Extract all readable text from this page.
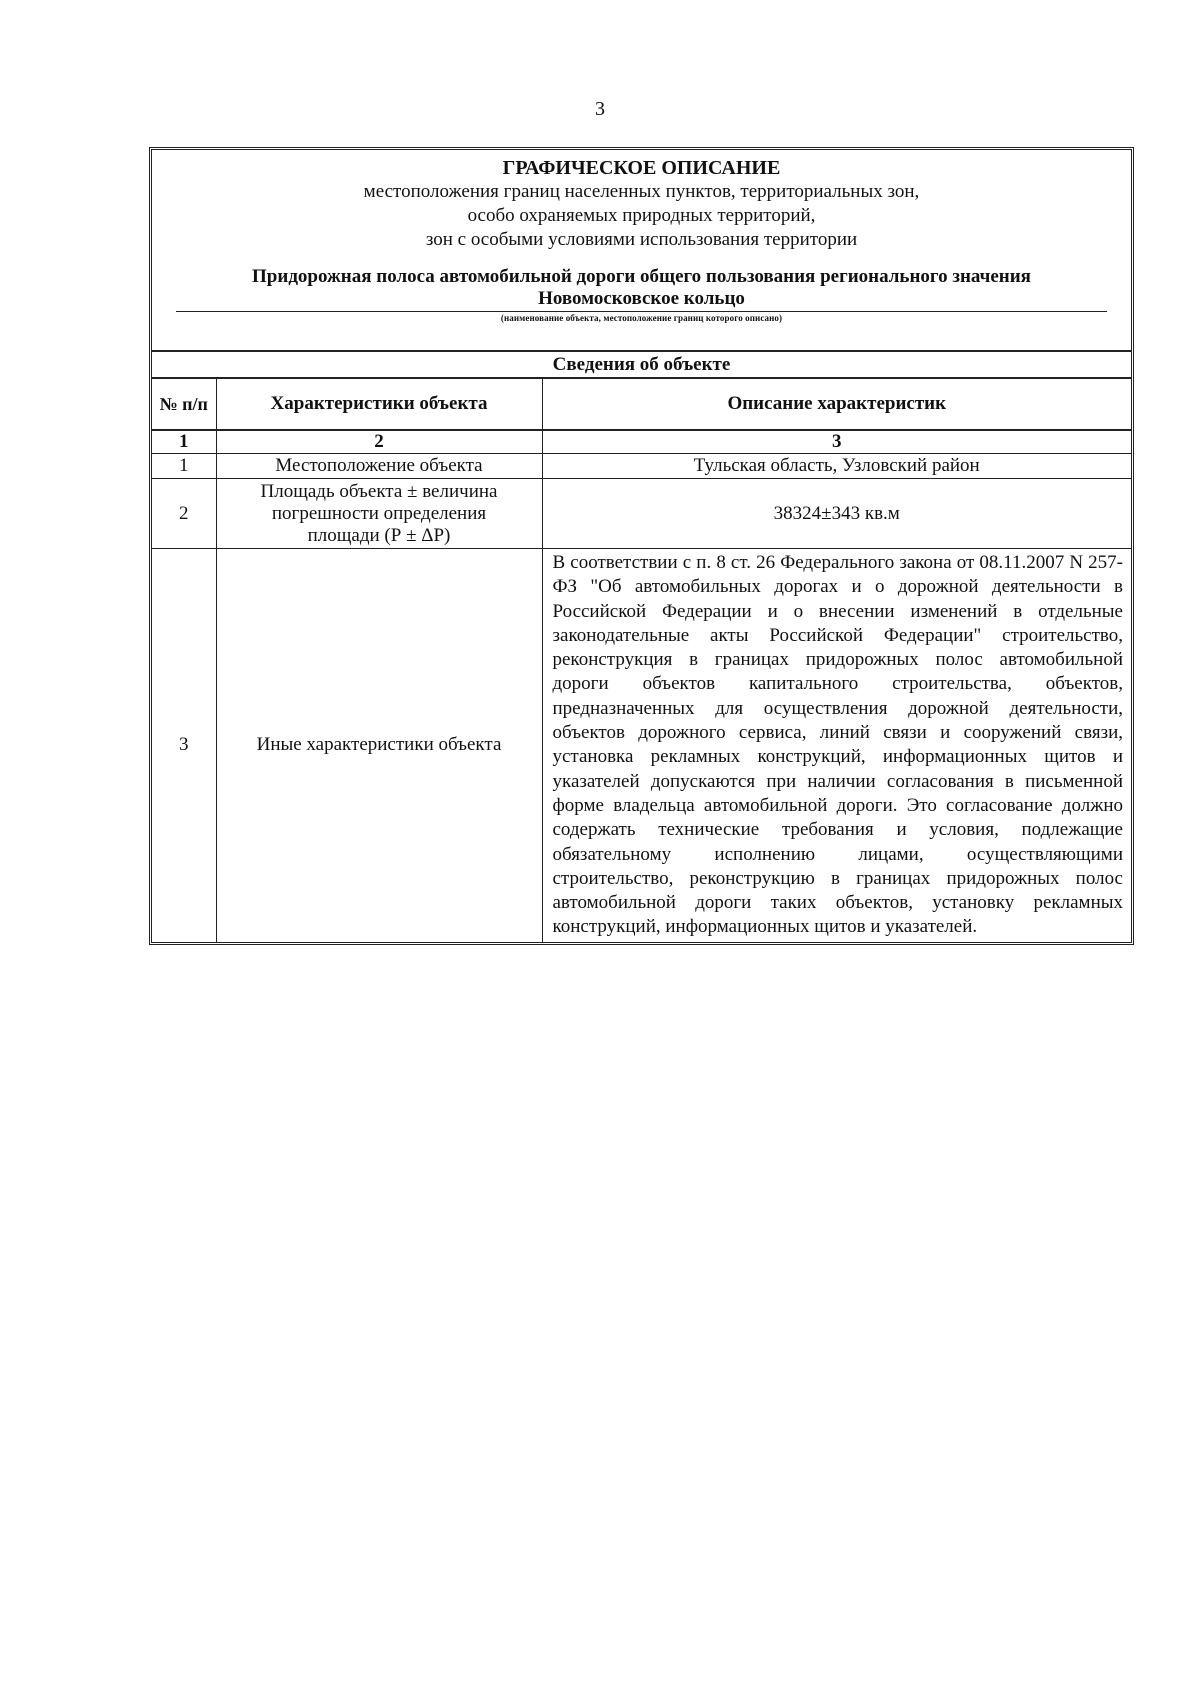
3
ГРАФИЧЕСКОЕ ОПИСАНИЕ
местоположения границ населенных пунктов, территориальных зон,
особо охраняемых природных территорий,
зон с особыми условиями использования территории
Придорожная полоса автомобильной дороги общего пользования регионального значения
Новомосковское кольцо
(наименование объекта, местоположение границ которого описано)
Сведения об объекте
№ п/п	Характеристики объекта	Описание характеристик
1	2	3
1	Местоположение объекта	Тульская область, Узловский район
2	Площадь объекта ± величина
погрешности определения
площади (Р ± ΔР)	38324±343 кв.м
3	Иные характеристики объекта	В соответствии с п. 8 ст. 26 Федерального закона от 08.11.2007 N 257-ФЗ "Об автомобильных дорогах и о дорожной деятельности в Российской Федерации и о внесении изменений в отдельные законодательные акты Российской Федерации" строительство, реконструкция в границах придорожных полос автомобильной дороги объектов капитального строительства, объектов, предназначенных для осуществления дорожной деятельности, объектов дорожного сервиса, линий связи и сооружений связи, установка рекламных конструкций, информационных щитов и указателей допускаются при наличии согласования в письменной форме владельца автомобильной дороги. Это согласование должно содержать технические требования и условия, подлежащие обязательному исполнению лицами, осуществляющими строительство, реконструкцию в границах придорожных полос автомобильной дороги таких объектов, установку рекламных конструкций, информационных щитов и указателей.
